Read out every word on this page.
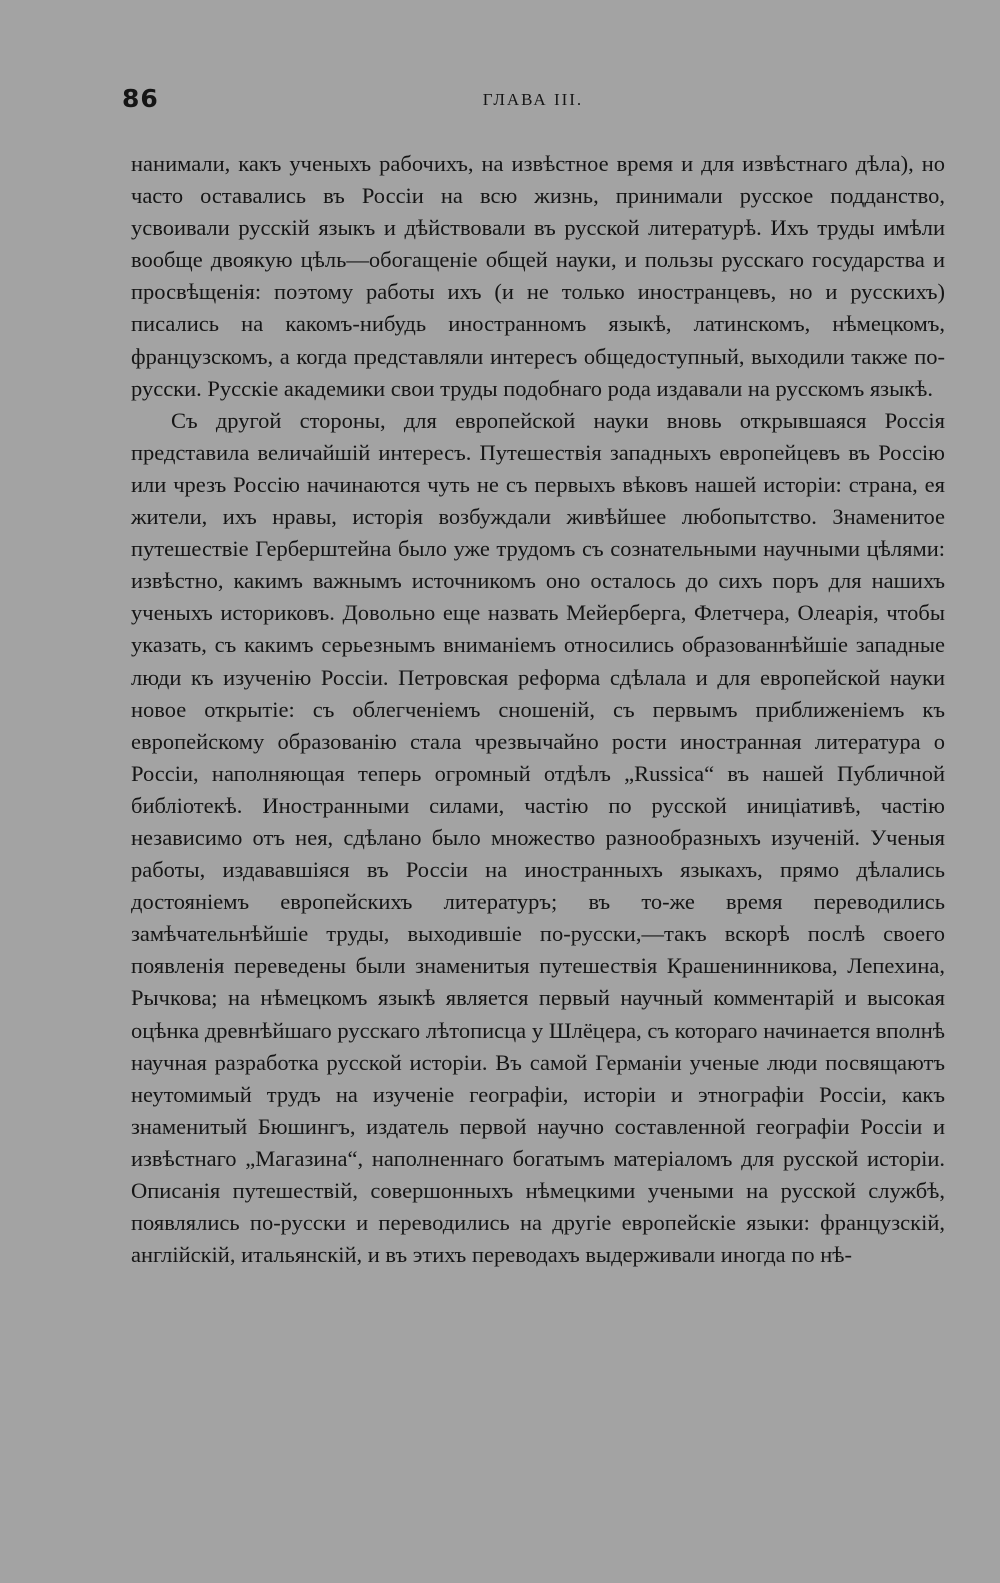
86	ГЛАВА III.

нанимали, какъ ученыхъ рабочихъ, на извѣстное время и для извѣстнаго дѣла), но часто оставались въ Россіи на всю жизнь, принимали русское подданство, усвоивали русскій языкъ и дѣйствовали въ русской литературѣ. Ихъ труды имѣли вообще двоякую цѣль—обогащеніе общей науки, и пользы русскаго государства и просвѣщенія: поэтому работы ихъ (и не только иностранцевъ, но и русскихъ) писались на какомъ-нибудь иностранномъ языкѣ, латинскомъ, нѣмецкомъ, французскомъ, а когда представляли интересъ общедоступный, выходили также по-русски. Русскіе академики свои труды подобнаго рода издавали на русскомъ языкѣ.

Съ другой стороны, для европейской науки вновь открывшаяся Россія представила величайшій интересъ. Путешествія западныхъ европейцевъ въ Россію или чрезъ Россію начинаются чуть не съ первыхъ вѣковъ нашей исторіи: страна, ея жители, ихъ нравы, исторія возбуждали живѣйшее любопытство. Знаменитое путешествіе Герберштейна было уже трудомъ съ сознательными научными цѣлями: извѣстно, какимъ важнымъ источникомъ оно осталось до сихъ поръ для нашихъ ученыхъ историковъ. Довольно еще назвать Мейерберга, Флетчера, Олеарія, чтобы указать, съ какимъ серьезнымъ вниманіемъ относились образованнѣйшіе западные люди къ изученію Россіи. Петровская реформа сдѣлала и для европейской науки новое открытіе: съ облегченіемъ сношеній, съ первымъ приближеніемъ къ европейскому образованію стала чрезвычайно рости иностранная литература о Россіи, наполняющая теперь огромный отдѣлъ „Russica“ въ нашей Публичной библіотекѣ. Иностранными силами, частію по русской иниціативѣ, частію независимо отъ нея, сдѣлано было множество разнообразныхъ изученій. Ученыя работы, издававшіяся въ Россіи на иностранныхъ языкахъ, прямо дѣлались достояніемъ европейскихъ литературъ; въ то-же время переводились замѣчательнѣйшіе труды, выходившіе по-русски,—такъ вскорѣ послѣ своего появленія переведены были знаменитыя путешествія Крашенинникова, Лепехина, Рычкова; на нѣмецкомъ языкѣ является первый научный комментарій и высокая оцѣнка древнѣйшаго русскаго лѣтописца у Шлёцера, съ котораго начинается вполнѣ научная разработка русской исторіи. Въ самой Германіи ученые люди посвящаютъ неутомимый трудъ на изученіе географіи, исторіи и этнографіи Россіи, какъ знаменитый Бюшингъ, издатель первой научно составленной географіи Россіи и извѣстнаго „Магазина“, наполненнаго богатымъ матеріаломъ для русской исторіи. Описанія путешествій, совершонныхъ нѣмецкими учеными на русской службѣ, появлялись по-русски и переводились на другіе европейскіе языки: французскій, англійскій, итальянскій, и въ этихъ переводахъ выдерживали иногда по нѣ-
